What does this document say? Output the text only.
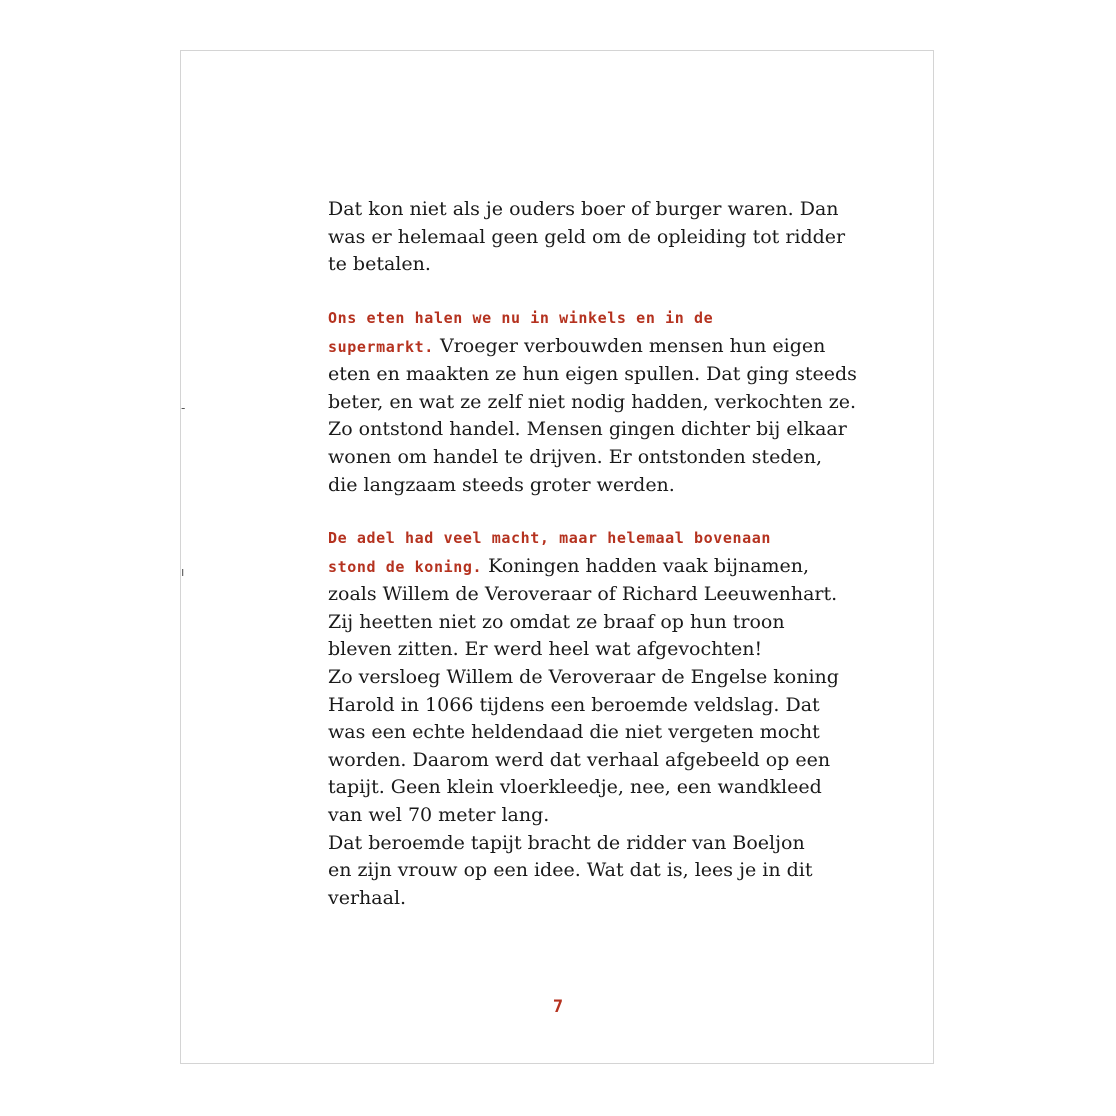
-
ı
Dat kon niet als je ouders boer of burger waren. Dan
was er helemaal geen geld om de opleiding tot ridder
te betalen.
Ons eten halen we nu in winkels en in de
supermarkt. Vroeger verbouwden mensen hun eigen
eten en maakten ze hun eigen spullen. Dat ging steeds
beter, en wat ze zelf niet nodig hadden, verkochten ze.
Zo ontstond handel. Mensen gingen dichter bij elkaar
wonen om handel te drijven. Er ontstonden steden,
die langzaam steeds groter werden.
De adel had veel macht, maar helemaal bovenaan
stond de koning. Koningen hadden vaak bijnamen,
zoals Willem de Veroveraar of Richard Leeuwenhart.
Zij heetten niet zo omdat ze braaf op hun troon
bleven zitten. Er werd heel wat afgevochten!
Zo versloeg Willem de Veroveraar de Engelse koning
Harold in 1066 tijdens een beroemde veldslag. Dat
was een echte heldendaad die niet vergeten mocht
worden. Daarom werd dat verhaal afgebeeld op een
tapijt. Geen klein vloerkleedje, nee, een wandkleed
van wel 70 meter lang.
Dat beroemde tapijt bracht de ridder van Boeljon
en zijn vrouw op een idee. Wat dat is, lees je in dit
verhaal.
7
